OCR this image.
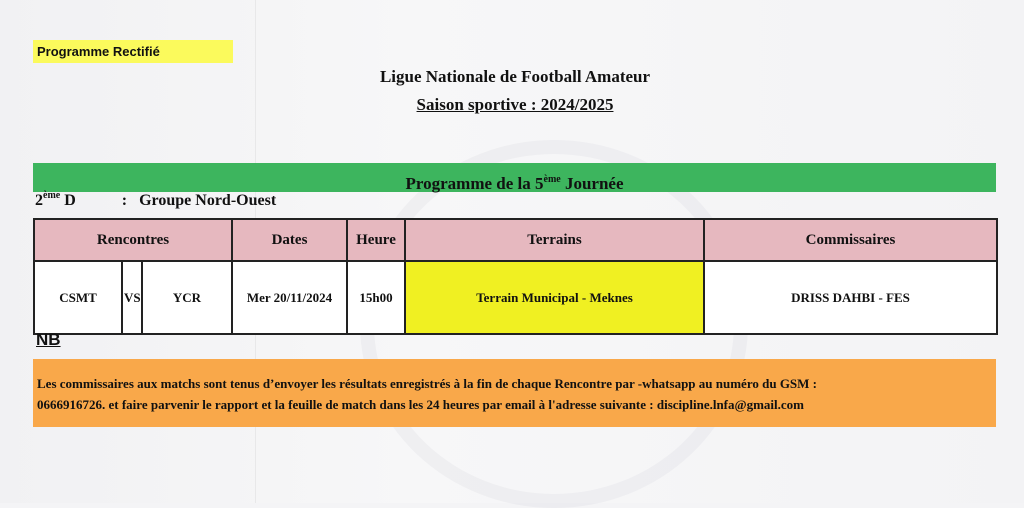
Programme Rectifié
Ligue Nationale de Football Amateur
Saison sportive : 2024/2025
Programme de la 5ème Journée
2ème D	: Groupe Nord-Ouest
Rencontres			Dates	Heure	Terrains	Commissaires
CSMT	VS	YCR	Mer 20/11/2024	15h00	Terrain Municipal - Meknes	DRISS DAHBI - FES
NB
Les commissaires aux matchs sont tenus d’envoyer les résultats enregistrés à la fin de chaque Rencontre par -whatsapp au numéro du GSM :
0666916726. et faire parvenir le rapport et la feuille de match dans les 24 heures par email à l'adresse suivante : discipline.lnfa@gmail.com
